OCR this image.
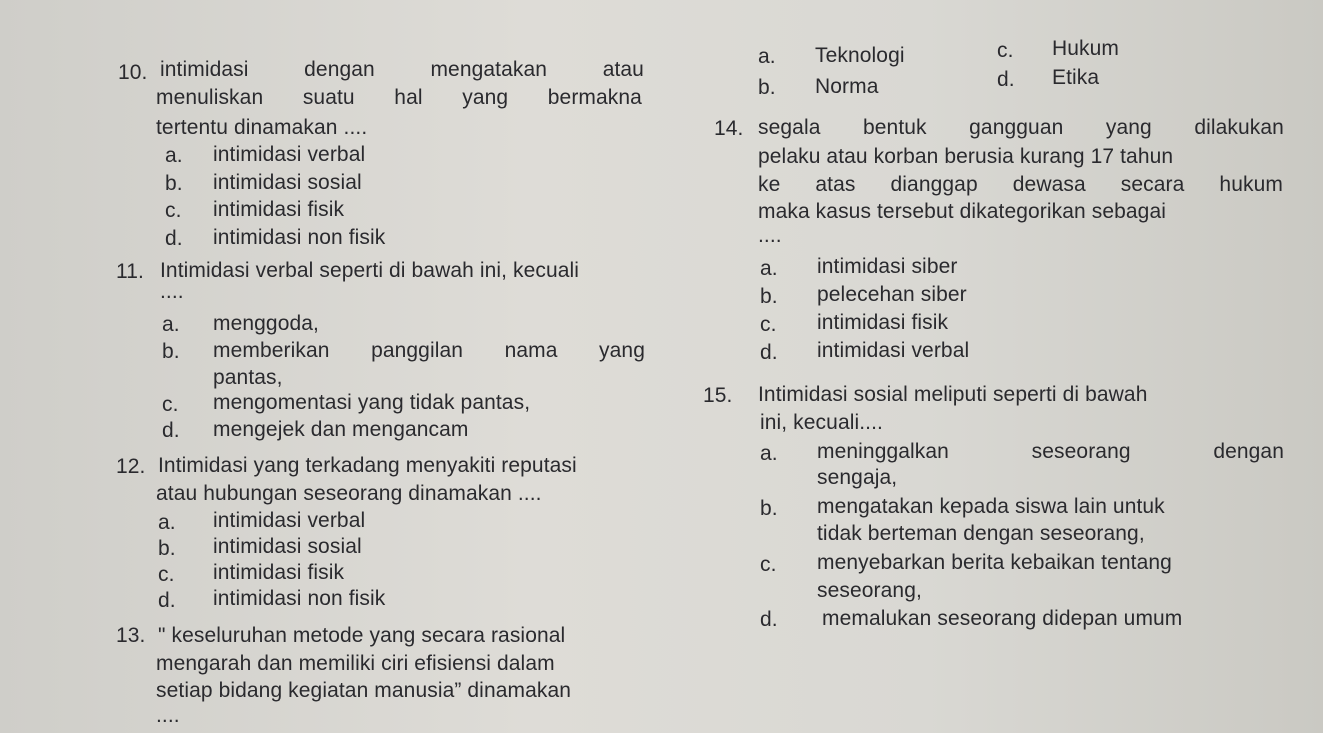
10. intimidasi	dengan	mengatakan	atau
menuliskan suatu hal yang bermakna
tertentu dinamakan ....
a. intimidasi verbal
b. intimidasi sosial
c. intimidasi fisik
d. intimidasi non fisik
11. Intimidasi verbal seperti di bawah ini, kecuali
....
a. menggoda,
b. memberikan panggilan nama yang
pantas,
c. mengomentasi yang tidak pantas,
d. mengejek dan mengancam
12. Intimidasi yang terkadang menyakiti reputasi
atau hubungan seseorang dinamakan ....
a. intimidasi verbal
b. intimidasi sosial
c. intimidasi fisik
d. intimidasi non fisik
13. " keseluruhan metode yang secara rasional
mengarah dan memiliki ciri efisiensi dalam
setiap bidang kegiatan manusia” dinamakan
....
a. Teknologi
b. Norma
c. Hukum
d. Etika
14. segala bentuk gangguan yang dilakukan
pelaku atau korban berusia kurang 17 tahun
ke atas dianggap dewasa secara hukum
maka kasus tersebut dikategorikan sebagai
....
a. intimidasi siber
b. pelecehan siber
c. intimidasi fisik
d. intimidasi verbal
15. Intimidasi sosial meliputi seperti di bawah
ini, kecuali....
a. meninggalkan	seseorang	dengan
sengaja,
b. mengatakan kepada siswa lain untuk
tidak berteman dengan seseorang,
c. menyebarkan berita kebaikan tentang
seseorang,
d. memalukan seseorang didepan umum
